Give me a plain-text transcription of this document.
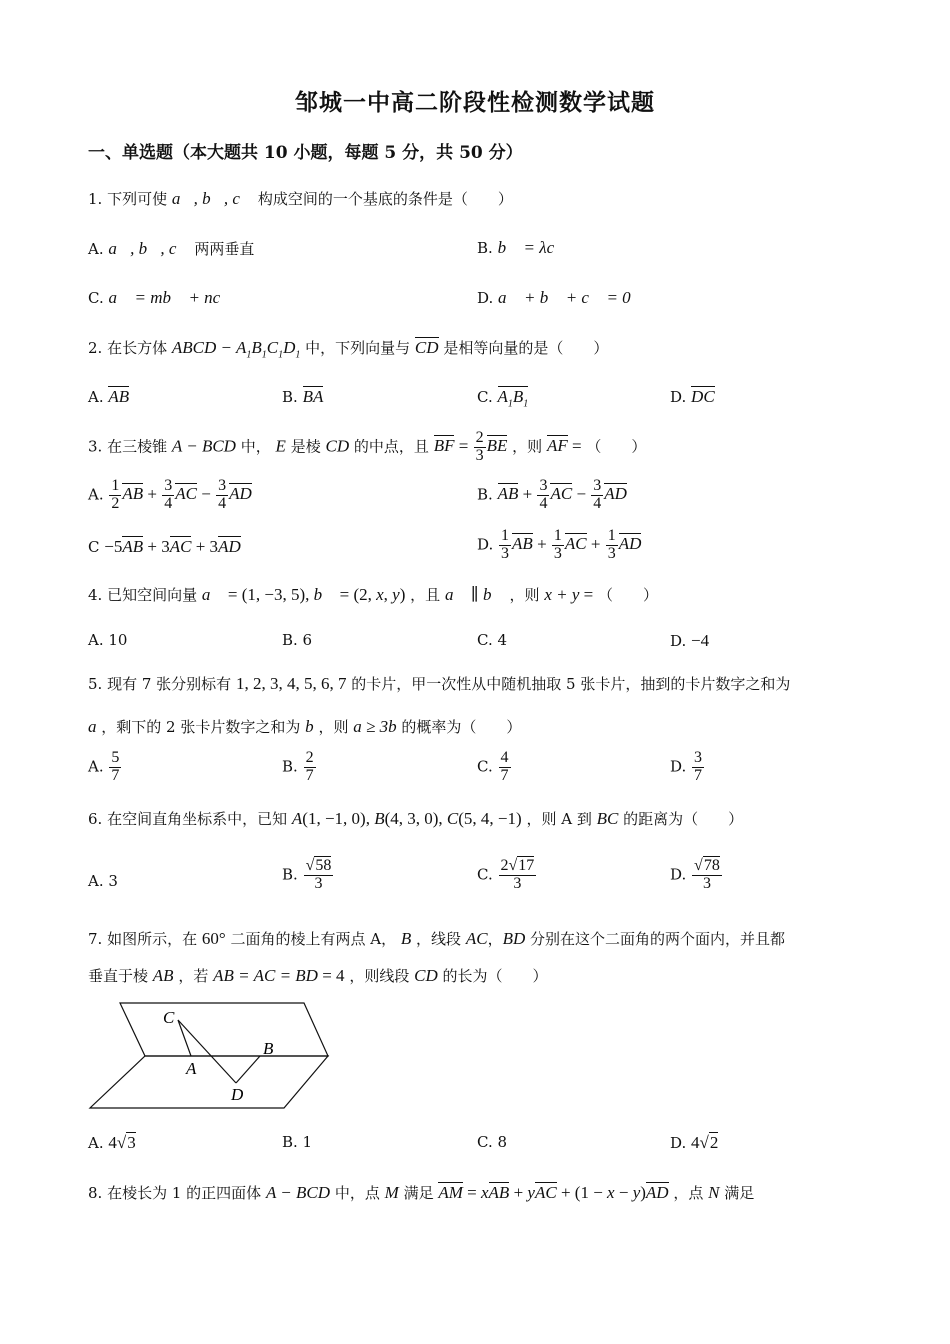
邹城一中高二阶段性检测数学试题
一、单选题（本大题共 10 小题，每题 5 分，共 50 分）
1. 下列可使 a⃗, b⃗, c⃗ 构成空间的一个基底的条件是（　　）
A. a⃗, b⃗, c⃗ 两两垂直	B. b⃗ = λc⃗
C. a⃗ = mb⃗ + nc⃗	D. a⃗ + b⃗ + c⃗ = 0⃗
2. 在长方体 ABCD − $A_1B_1C_1D_1$ 中，下列向量与 CD 是相等向量的是（　　）
A. AB	B. BA	C. $A_1B_1$	D. DC
3. 在三棱锥 A − BCD 中， E 是棱 CD 的中点，且 BF = $\frac{2}{3}$ BE ，则 AF = （　　）
A. $\frac{1}{2}$ AB + $\frac{3}{4}$ AC − $\frac{3}{4}$ AD	B. AB + $\frac{3}{4}$ AC − $\frac{3}{4}$ AD
C −5AB + 3AC + 3AD	D. $\frac{1}{3}$ AB + $\frac{1}{3}$ AC + $\frac{1}{3}$ AD
4. 已知空间向量 a⃗ = (1, −3, 5), b⃗ = (2, x, y) ，且 a⃗ ∥ b⃗ ，则 x + y = （　　）
A. 10	B. 6	C. 4	D. −4
5. 现有 7 张分别标有 1, 2, 3, 4, 5, 6, 7 的卡片，甲一次性从中随机抽取 5 张卡片，抽到的卡片数字之和为
a ，剩下的 2 张卡片数字之和为 b ，则 a ≥ 3b 的概率为（　　）
A. $\frac{5}{7}$	B. $\frac{2}{7}$	C. $\frac{4}{7}$	D. $\frac{3}{7}$
6. 在空间直角坐标系中，已知 A(1, −1, 0), B(4, 3, 0), C(5, 4, −1) ，则 A 到 BC 的距离为（　　）
A. 3	B. $\frac{√58}{3}$	C. $\frac{2√17}{3}$	D. $\frac{√78}{3}$
7. 如图所示，在 60° 二面角的棱上有两点 A， B ，线段 AC，BD 分别在这个二面角的两个面内，并且都
垂直于棱 AB ，若 AB = AC = BD = 4 ，则线段 CD 的长为（　　）
C
A
B
D
A. 4√3	B. 1	C. 8	D. 4√2
8. 在棱长为 1 的正四面体 A − BCD 中，点 M 满足 AM = xAB + yAC + (1 − x − y)AD ，点 N 满足
